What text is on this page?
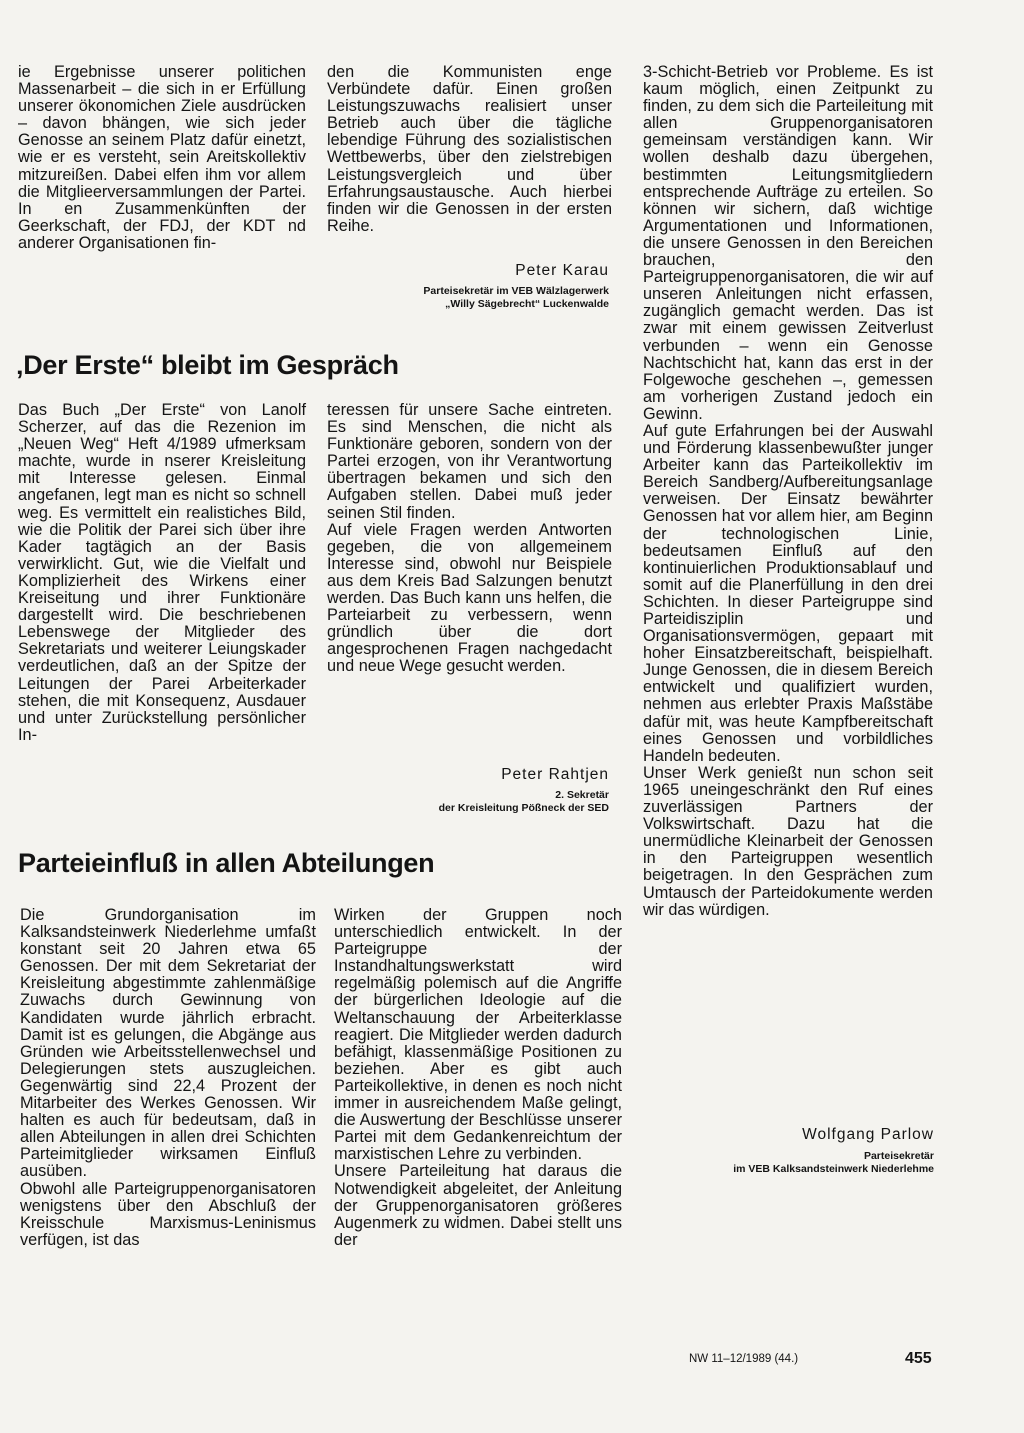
ie Ergebnisse unserer politichen Massenarbeit – die sich in er Erfüllung unserer ökonomichen Ziele ausdrücken – davon bhängen, wie sich jeder Genosse an seinem Platz dafür einetzt, wie er es versteht, sein Areitskollektiv mitzureißen. Dabei elfen ihm vor allem die Mitglieerversammlungen der Partei. In en Zusammenkünften der Geerkschaft, der FDJ, der KDT nd anderer Organisationen fin-

den die Kommunisten enge Verbündete dafür. Einen großen Leistungszuwachs realisiert unser Betrieb auch über die tägliche lebendige Führung des sozialistischen Wettbewerbs, über den zielstrebigen Leistungsvergleich und über Erfahrungsaustausche. Auch hierbei finden wir die Genossen in der ersten Reihe.

Peter Karau
Parteisekretär im VEB Wälzlagerwerk
„Willy Sägebrecht“ Luckenwalde
‚Der Erste“ bleibt im Gespräch

Das Buch „Der Erste“ von Lanolf Scherzer, auf das die Rezenion im „Neuen Weg“ Heft 4/1989 ufmerksam machte, wurde in nserer Kreisleitung mit Interesse gelesen. Einmal angefanen, legt man es nicht so schnell weg. Es vermittelt ein realistiches Bild, wie die Politik der Parei sich über ihre Kader tagtägich an der Basis verwirklicht. Gut, wie die Vielfalt und Komplizierheit des Wirkens einer Kreiseitung und ihrer Funktionäre dargestellt wird. Die beschriebenen Lebenswege der Mitglieder des Sekretariats und weiterer Leiungskader verdeutlichen, daß an der Spitze der Leitungen der Parei Arbeiterkader stehen, die mit Konsequenz, Ausdauer und unter Zurückstellung persönlicher In-

teressen für unsere Sache eintreten. Es sind Menschen, die nicht als Funktionäre geboren, sondern von der Partei erzogen, von ihr Verantwortung übertragen bekamen und sich den Aufgaben stellen. Dabei muß jeder seinen Stil finden.

Auf viele Fragen werden Antworten gegeben, die von allgemeinem Interesse sind, obwohl nur Beispiele aus dem Kreis Bad Salzungen benutzt werden. Das Buch kann uns helfen, die Parteiarbeit zu verbessern, wenn gründlich über die dort angesprochenen Fragen nachgedacht und neue Wege gesucht werden.

Peter Rahtjen
2. Sekretär
der Kreisleitung Pößneck der SED
Parteieinfluß in allen Abteilungen

Die Grundorganisation im Kalksandsteinwerk Niederlehme umfaßt konstant seit 20 Jahren etwa 65 Genossen. Der mit dem Sekretariat der Kreisleitung abgestimmte zahlenmäßige Zuwachs durch Gewinnung von Kandidaten wurde jährlich erbracht. Damit ist es gelungen, die Abgänge aus Gründen wie Arbeitsstellenwechsel und Delegierungen stets auszugleichen. Gegenwärtig sind 22,4 Prozent der Mitarbeiter des Werkes Genossen. Wir halten es auch für bedeutsam, daß in allen Abteilungen in allen drei Schichten Parteimitglieder wirksamen Einfluß ausüben.

Obwohl alle Parteigruppenorganisatoren wenigstens über den Abschluß der Kreisschule Marxismus-Leninismus verfügen, ist das

Wirken der Gruppen noch unterschiedlich entwickelt. In der Parteigruppe der Instandhaltungswerkstatt wird regelmäßig polemisch auf die Angriffe der bürgerlichen Ideologie auf die Weltanschauung der Arbeiterklasse reagiert. Die Mitglieder werden dadurch befähigt, klassenmäßige Positionen zu beziehen. Aber es gibt auch Parteikollektive, in denen es noch nicht immer in ausreichendem Maße gelingt, die Auswertung der Beschlüsse unserer Partei mit dem Gedankenreichtum der marxistischen Lehre zu verbinden.

Unsere Parteileitung hat daraus die Notwendigkeit abgeleitet, der Anleitung der Gruppenorganisatoren größeres Augenmerk zu widmen. Dabei stellt uns der

3-Schicht-Betrieb vor Probleme. Es ist kaum möglich, einen Zeitpunkt zu finden, zu dem sich die Parteileitung mit allen Gruppenorganisatoren gemeinsam verständigen kann. Wir wollen deshalb dazu übergehen, bestimmten Leitungsmitgliedern entsprechende Aufträge zu erteilen. So können wir sichern, daß wichtige Argumentationen und Informationen, die unsere Genossen in den Bereichen brauchen, den Parteigruppenorganisatoren, die wir auf unseren Anleitungen nicht erfassen, zugänglich gemacht werden. Das ist zwar mit einem gewissen Zeitverlust verbunden – wenn ein Genosse Nachtschicht hat, kann das erst in der Folgewoche geschehen –, gemessen am vorherigen Zustand jedoch ein Gewinn.

Auf gute Erfahrungen bei der Auswahl und Förderung klassenbewußter junger Arbeiter kann das Parteikollektiv im Bereich Sandberg/Aufbereitungsanlage verweisen. Der Einsatz bewährter Genossen hat vor allem hier, am Beginn der technologischen Linie, bedeutsamen Einfluß auf den kontinuierlichen Produktionsablauf und somit auf die Planerfüllung in den drei Schichten. In dieser Parteigruppe sind Parteidisziplin und Organisationsvermögen, gepaart mit hoher Einsatzbereitschaft, beispielhaft. Junge Genossen, die in diesem Bereich entwickelt und qualifiziert wurden, nehmen aus erlebter Praxis Maßstäbe dafür mit, was heute Kampfbereitschaft eines Genossen und vorbildliches Handeln bedeuten.

Unser Werk genießt nun schon seit 1965 uneingeschränkt den Ruf eines zuverlässigen Partners der Volkswirtschaft. Dazu hat die unermüdliche Kleinarbeit der Genossen in den Parteigruppen wesentlich beigetragen. In den Gesprächen zum Umtausch der Parteidokumente werden wir das würdigen.

Wolfgang Parlow
Parteisekretär
im VEB Kalksandsteinwerk Niederlehme
NW 11–12/1989 (44.)	455
